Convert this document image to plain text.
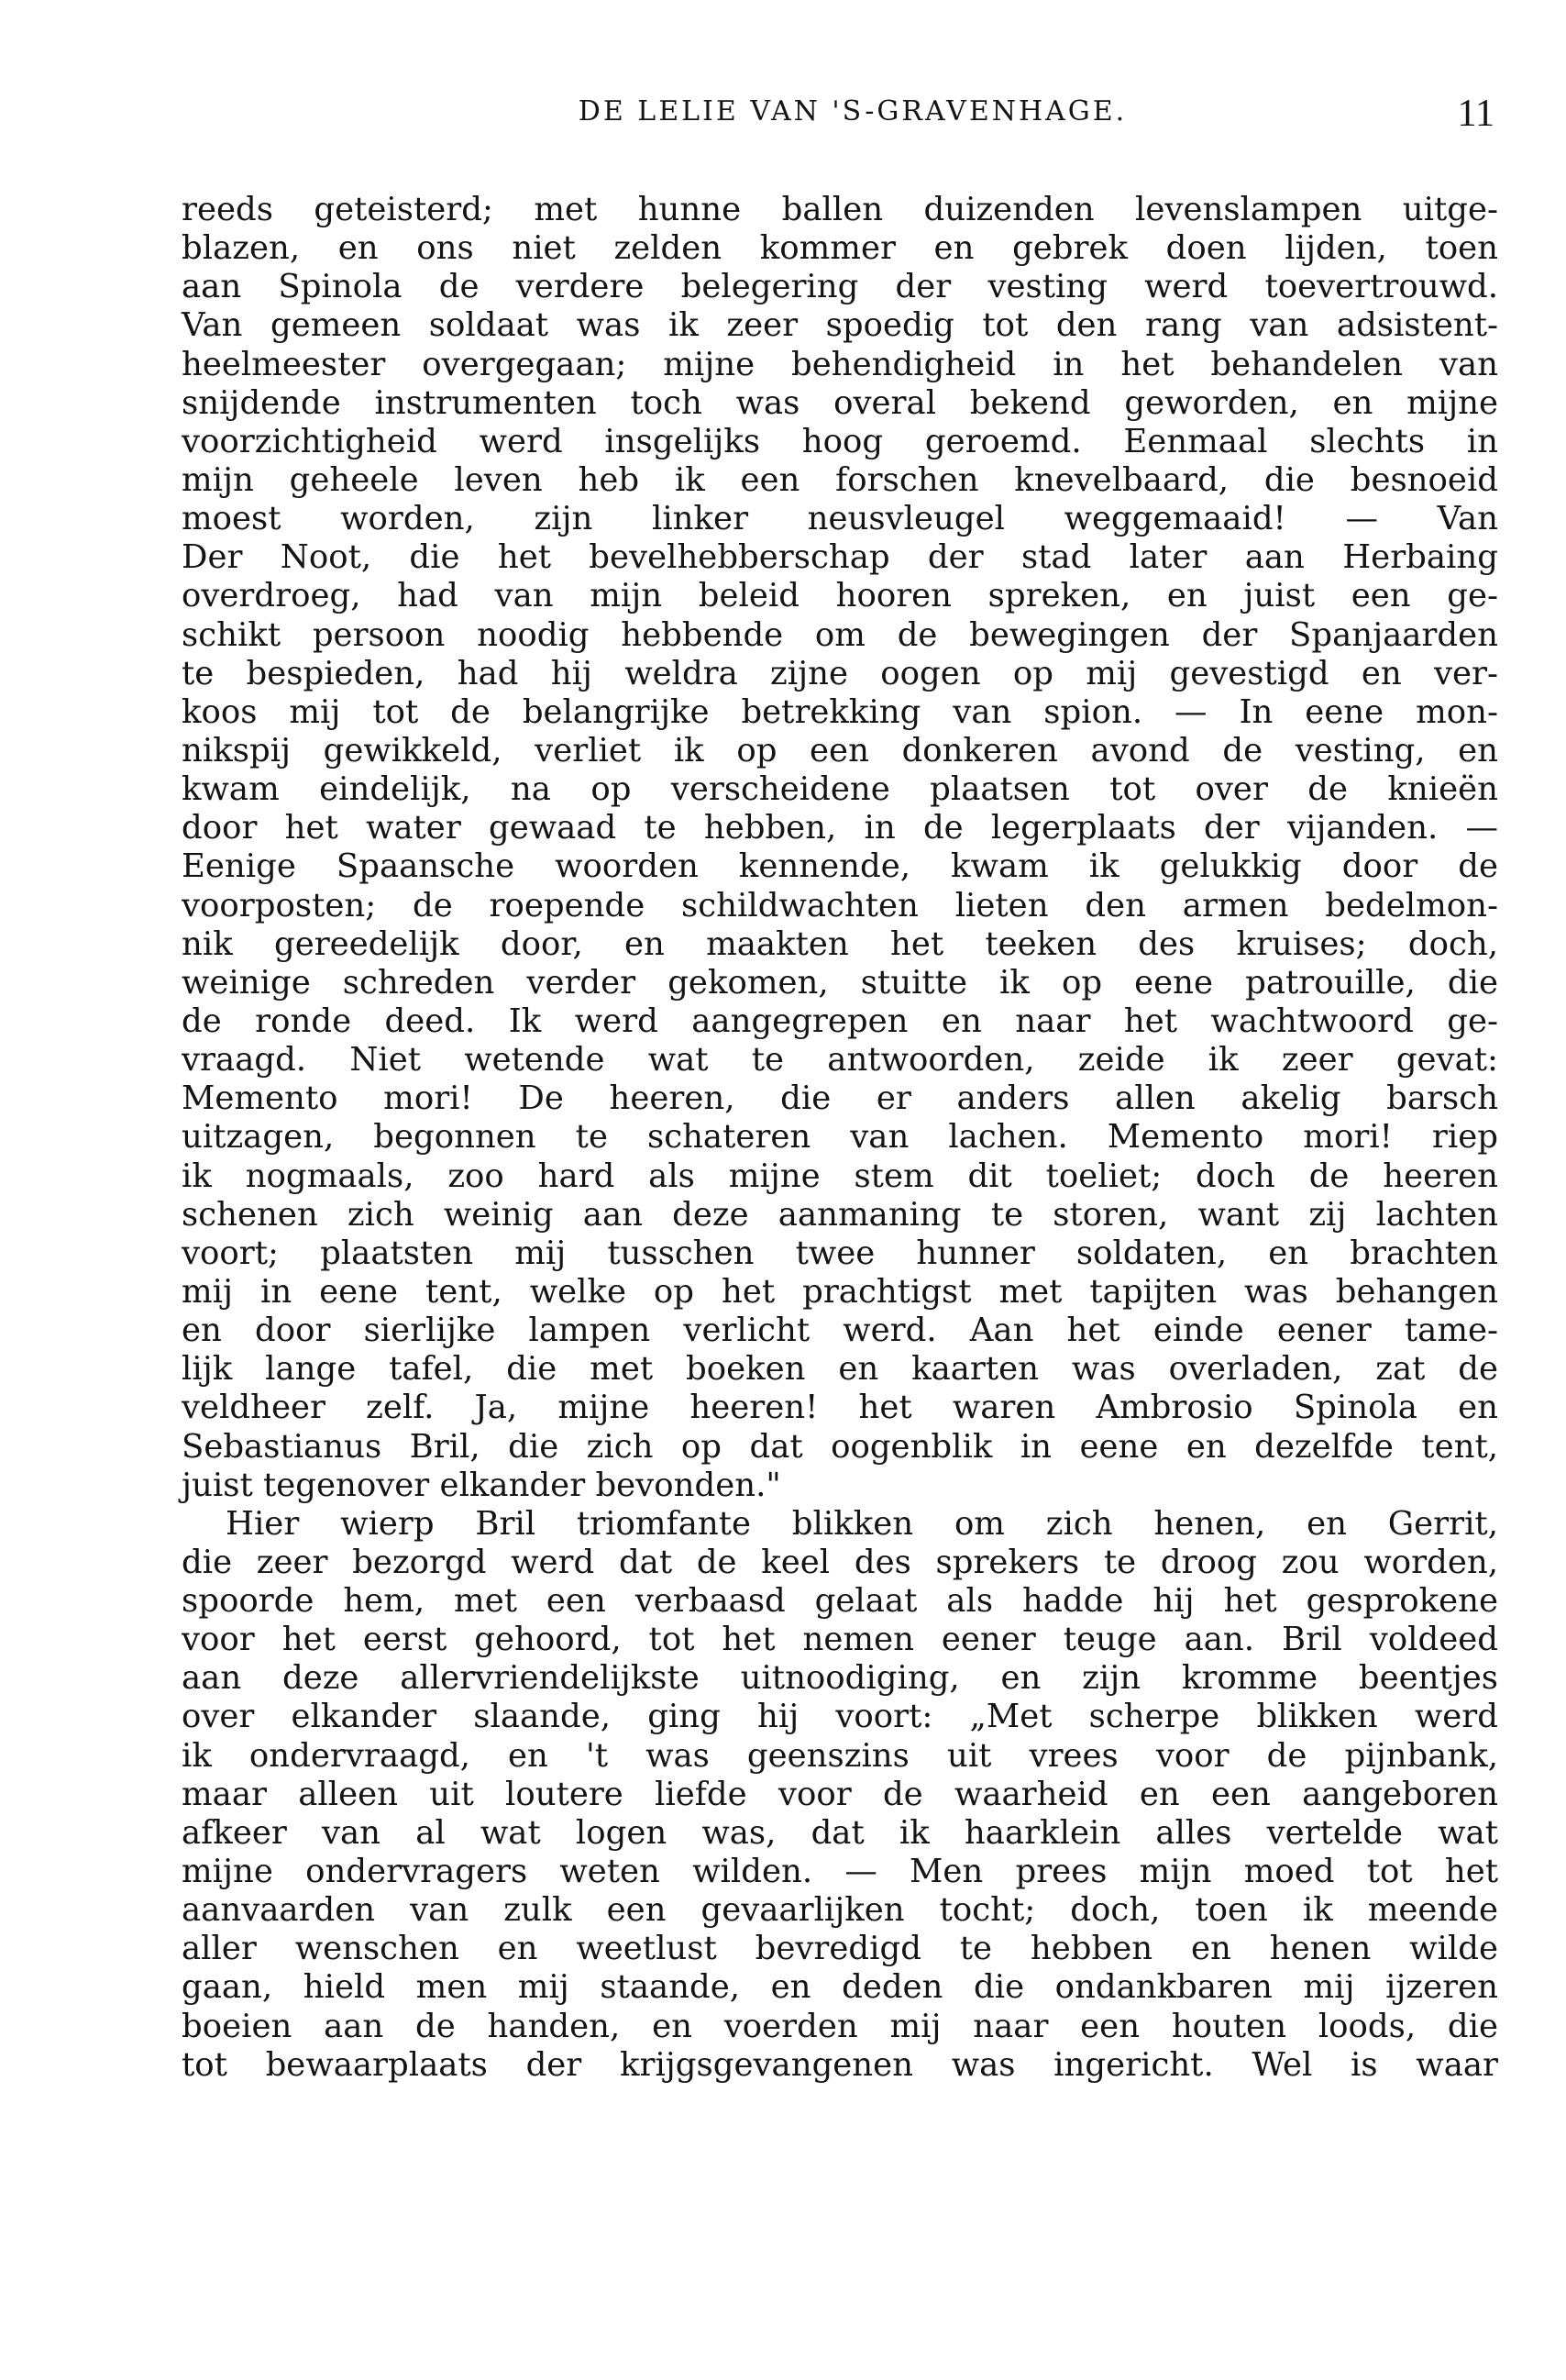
DE LELIE VAN 'S-GRAVENHAGE.	11
reeds geteisterd; met hunne ballen duizenden levenslampen uitge-
blazen, en ons niet zelden kommer en gebrek doen lijden, toen
aan Spinola de verdere belegering der vesting werd toevertrouwd.
Van gemeen soldaat was ik zeer spoedig tot den rang van adsistent-
heelmeester overgegaan; mijne behendigheid in het behandelen van
snijdende instrumenten toch was overal bekend geworden, en mijne
voorzichtigheid werd insgelijks hoog geroemd. Eenmaal slechts in
mijn geheele leven heb ik een forschen knevelbaard, die besnoeid
moest worden, zijn linker neusvleugel weggemaaid! — Van
Der Noot, die het bevelhebberschap der stad later aan Herbaing
overdroeg, had van mijn beleid hooren spreken, en juist een ge-
schikt persoon noodig hebbende om de bewegingen der Spanjaarden
te bespieden, had hij weldra zijne oogen op mij gevestigd en ver-
koos mij tot de belangrijke betrekking van spion. — In eene mon-
nikspij gewikkeld, verliet ik op een donkeren avond de vesting, en
kwam eindelijk, na op verscheidene plaatsen tot over de knieën
door het water gewaad te hebben, in de legerplaats der vijanden. —
Eenige Spaansche woorden kennende, kwam ik gelukkig door de
voorposten; de roepende schildwachten lieten den armen bedelmon-
nik gereedelijk door, en maakten het teeken des kruises; doch,
weinige schreden verder gekomen, stuitte ik op eene patrouille, die
de ronde deed. Ik werd aangegrepen en naar het wachtwoord ge-
vraagd. Niet wetende wat te antwoorden, zeide ik zeer gevat:
Memento mori! De heeren, die er anders allen akelig barsch
uitzagen, begonnen te schateren van lachen. Memento mori! riep
ik nogmaals, zoo hard als mijne stem dit toeliet; doch de heeren
schenen zich weinig aan deze aanmaning te storen, want zij lachten
voort; plaatsten mij tusschen twee hunner soldaten, en brachten
mij in eene tent, welke op het prachtigst met tapijten was behangen
en door sierlijke lampen verlicht werd. Aan het einde eener tame-
lijk lange tafel, die met boeken en kaarten was overladen, zat de
veldheer zelf. Ja, mijne heeren! het waren Ambrosio Spinola en
Sebastianus Bril, die zich op dat oogenblik in eene en dezelfde tent,
juist tegenover elkander bevonden."
Hier wierp Bril triomfante blikken om zich henen, en Gerrit,
die zeer bezorgd werd dat de keel des sprekers te droog zou worden,
spoorde hem, met een verbaasd gelaat als hadde hij het gesprokene
voor het eerst gehoord, tot het nemen eener teuge aan. Bril voldeed
aan deze allervriendelijkste uitnoodiging, en zijn kromme beentjes
over elkander slaande, ging hij voort: „Met scherpe blikken werd
ik ondervraagd, en 't was geenszins uit vrees voor de pijnbank,
maar alleen uit loutere liefde voor de waarheid en een aangeboren
afkeer van al wat logen was, dat ik haarklein alles vertelde wat
mijne ondervragers weten wilden. — Men prees mijn moed tot het
aanvaarden van zulk een gevaarlijken tocht; doch, toen ik meende
aller wenschen en weetlust bevredigd te hebben en henen wilde
gaan, hield men mij staande, en deden die ondankbaren mij ijzeren
boeien aan de handen, en voerden mij naar een houten loods, die
tot bewaarplaats der krijgsgevangenen was ingericht. Wel is waar
